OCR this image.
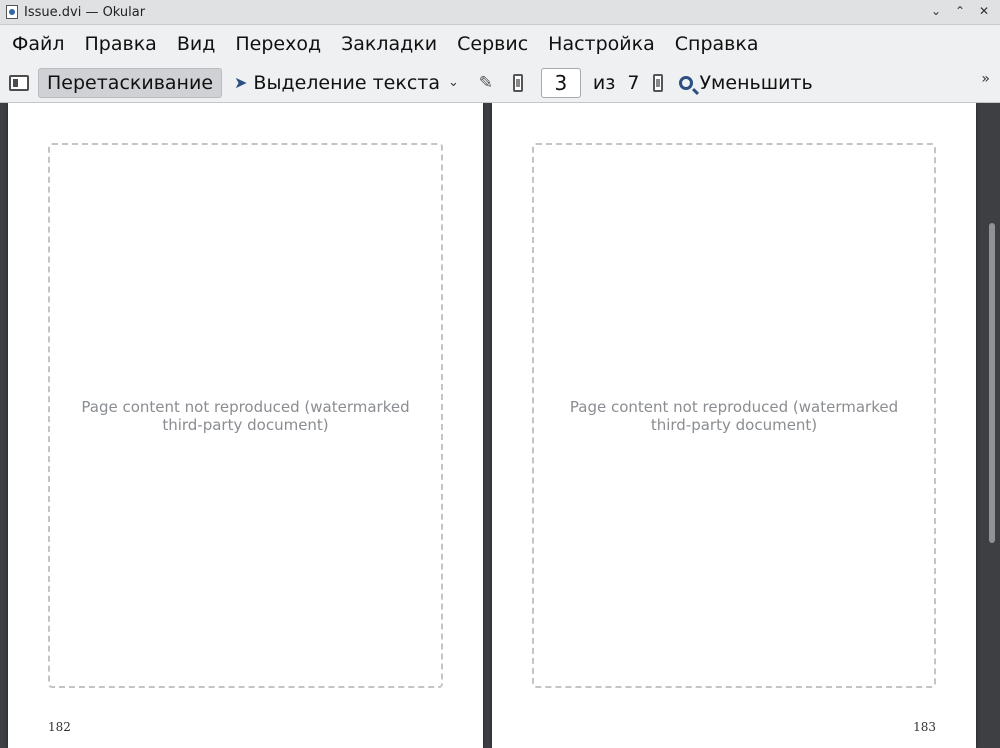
Issue.dvi — Okular	⌄ ⌃ ✕
Файл	Правка	Вид	Переход	Закладки	Сервис	Настройка	Справка
Перетаскивание	➤ Выделение текста ⌄	✎
3	из 7	Уменьшить	»
Page content not reproduced (watermarked third-party document)
182
Page content not reproduced (watermarked third-party document)
183
